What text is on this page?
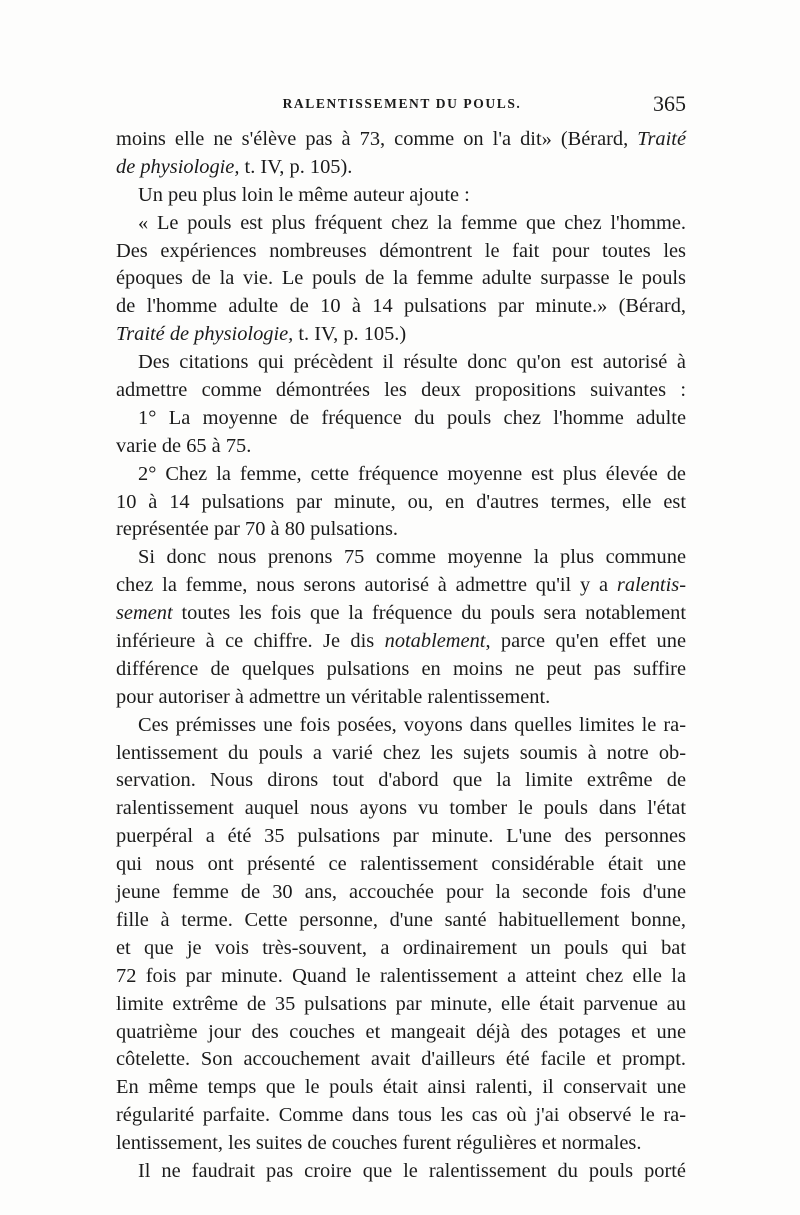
RALENTISSEMENT DU POULS.	365
moins elle ne s'élève pas à 73, comme on l'a dit» (Bérard, Traité
de physiologie, t. IV, p. 105).
Un peu plus loin le même auteur ajoute :
« Le pouls est plus fréquent chez la femme que chez l'homme.
Des expériences nombreuses démontrent le fait pour toutes les
époques de la vie. Le pouls de la femme adulte surpasse le pouls
de l'homme adulte de 10 à 14 pulsations par minute.» (Bérard,
Traité de physiologie, t. IV, p. 105.)
Des citations qui précèdent il résulte donc qu'on est autorisé à
admettre comme démontrées les deux propositions suivantes :
1° La moyenne de fréquence du pouls chez l'homme adulte
varie de 65 à 75.
2° Chez la femme, cette fréquence moyenne est plus élevée de
10 à 14 pulsations par minute, ou, en d'autres termes, elle est
représentée par 70 à 80 pulsations.
Si donc nous prenons 75 comme moyenne la plus commune
chez la femme, nous serons autorisé à admettre qu'il y a ralentis-
sement toutes les fois que la fréquence du pouls sera notablement
inférieure à ce chiffre. Je dis notablement, parce qu'en effet une
différence de quelques pulsations en moins ne peut pas suffire
pour autoriser à admettre un véritable ralentissement.
Ces prémisses une fois posées, voyons dans quelles limites le ra-
lentissement du pouls a varié chez les sujets soumis à notre ob-
servation. Nous dirons tout d'abord que la limite extrême de
ralentissement auquel nous ayons vu tomber le pouls dans l'état
puerpéral a été 35 pulsations par minute. L'une des personnes
qui nous ont présenté ce ralentissement considérable était une
jeune femme de 30 ans, accouchée pour la seconde fois d'une
fille à terme. Cette personne, d'une santé habituellement bonne,
et que je vois très-souvent, a ordinairement un pouls qui bat
72 fois par minute. Quand le ralentissement a atteint chez elle la
limite extrême de 35 pulsations par minute, elle était parvenue au
quatrième jour des couches et mangeait déjà des potages et une
côtelette. Son accouchement avait d'ailleurs été facile et prompt.
En même temps que le pouls était ainsi ralenti, il conservait une
régularité parfaite. Comme dans tous les cas où j'ai observé le ra-
lentissement, les suites de couches furent régulières et normales.
Il ne faudrait pas croire que le ralentissement du pouls porté
